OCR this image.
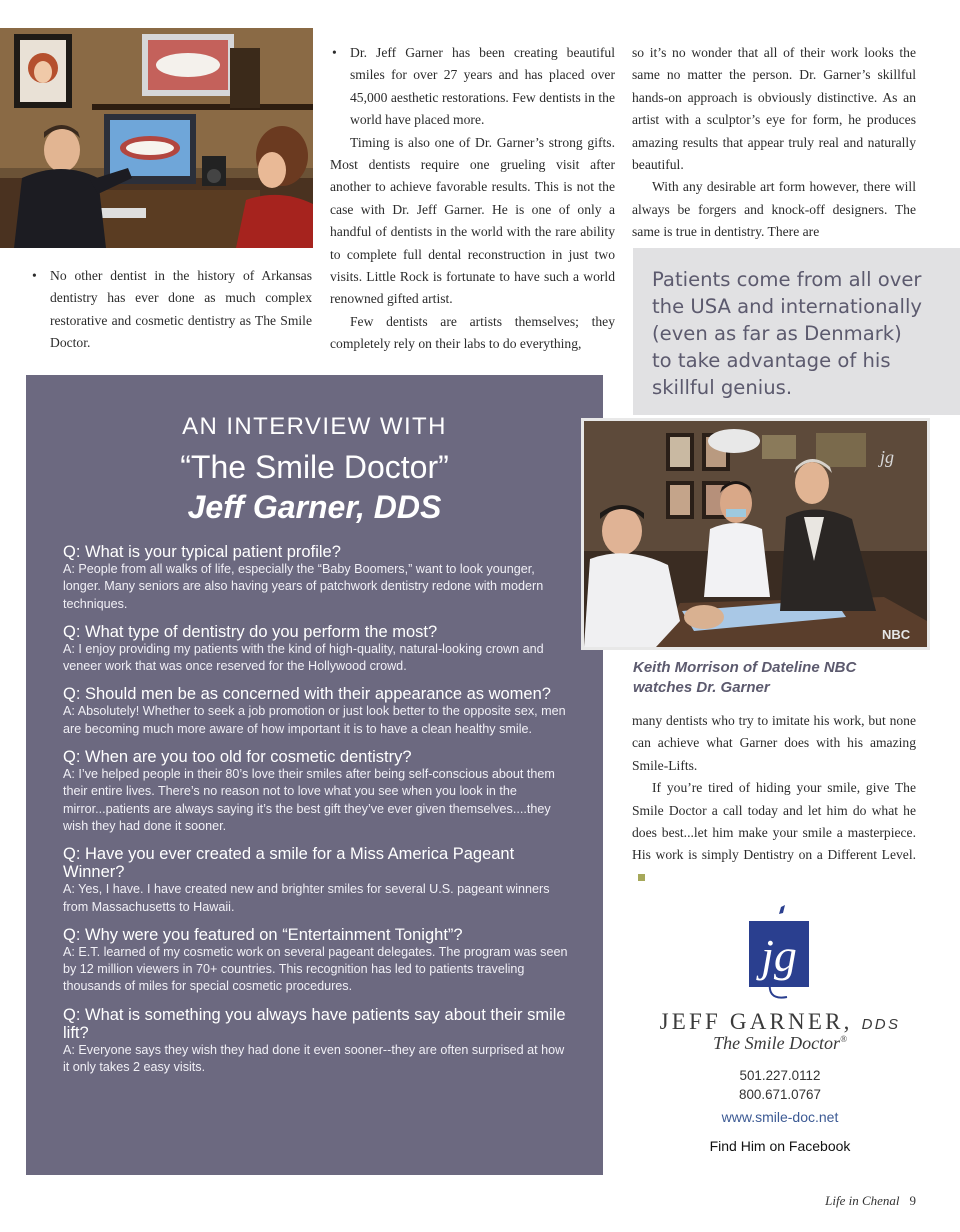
• No other dentist in the history of Arkansas dentistry has ever done as much complex restorative and cosmetic dentistry as The Smile Doctor.

• Dr. Jeff Garner has been creating beautiful smiles for over 27 years and has placed over 45,000 aesthetic restorations. Few dentists in the world have placed more.

Timing is also one of Dr. Garner’s strong gifts. Most dentists require one grueling visit after another to achieve favorable results. This is not the case with Dr. Jeff Garner. He is one of only a handful of dentists in the world with the rare ability to complete full dental reconstruction in just two visits. Little Rock is fortunate to have such a world renowned gifted artist.

Few dentists are artists themselves; they completely rely on their labs to do everything,

so it’s no wonder that all of their work looks the same no matter the person. Dr. Garner’s skillful hands-on approach is obviously distinctive. As an artist with a sculptor’s eye for form, he produces amazing results that appear truly real and naturally beautiful.

With any desirable art form however, there will always be forgers and knock-off designers. The same is true in dentistry. There are

Patients come from all over
the USA and internationally
(even as far as Denmark)
to take advantage of his
skillful genius.
AN INTERVIEW WITH
“The Smile Doctor”
Jeff Garner, DDS
Q: What is your typical patient profile?
A: People from all walks of life, especially the “Baby Boomers,” want to look younger, longer. Many seniors are also having years of patchwork dentistry redone with modern techniques.
Q: What type of dentistry do you perform the most?
A: I enjoy providing my patients with the kind of high-quality, natural-looking crown and veneer work that was once reserved for the Hollywood crowd.
Q: Should men be as concerned with their appearance as women?
A: Absolutely! Whether to seek a job promotion or just look better to the opposite sex, men are becoming much more aware of how important it is to have a clean healthy smile.
Q: When are you too old for cosmetic dentistry?
A: I’ve helped people in their 80’s love their smiles after being self-conscious about them their entire lives. There’s no reason not to love what you see when you look in the mirror...patients are always saying it’s the best gift they’ve ever given themselves....they wish they had done it sooner.
Q: Have you ever created a smile for a Miss America Pageant Winner?
A: Yes, I have. I have created new and brighter smiles for several U.S. pageant winners from Massachusetts to Hawaii.
Q: Why were you featured on “Entertainment Tonight”?
A: E.T. learned of my cosmetic work on several pageant delegates. The program was seen by 12 million viewers in 70+ countries. This recognition has led to patients traveling thousands of miles for special cosmetic procedures.
Q: What is something you always have patients say about their smile lift?
A: Everyone says they wish they had done it even sooner--they are often surprised at how it only takes 2 easy visits.
jg
NBC
Keith Morrison of Dateline NBC
watches Dr. Garner

many dentists who try to imitate his work, but none can achieve what Garner does with his amazing Smile-Lifts.

If you’re tired of hiding your smile, give The Smile Doctor a call today and let him do what he does best...let him make your smile a masterpiece. His work is simply Dentistry on a Different Level.

jg
JEFF GARNER, DDS
The Smile Doctor®
501.227.0112
800.671.0767
www.smile-doc.net
Find Him on Facebook
Life in Chenal 9
